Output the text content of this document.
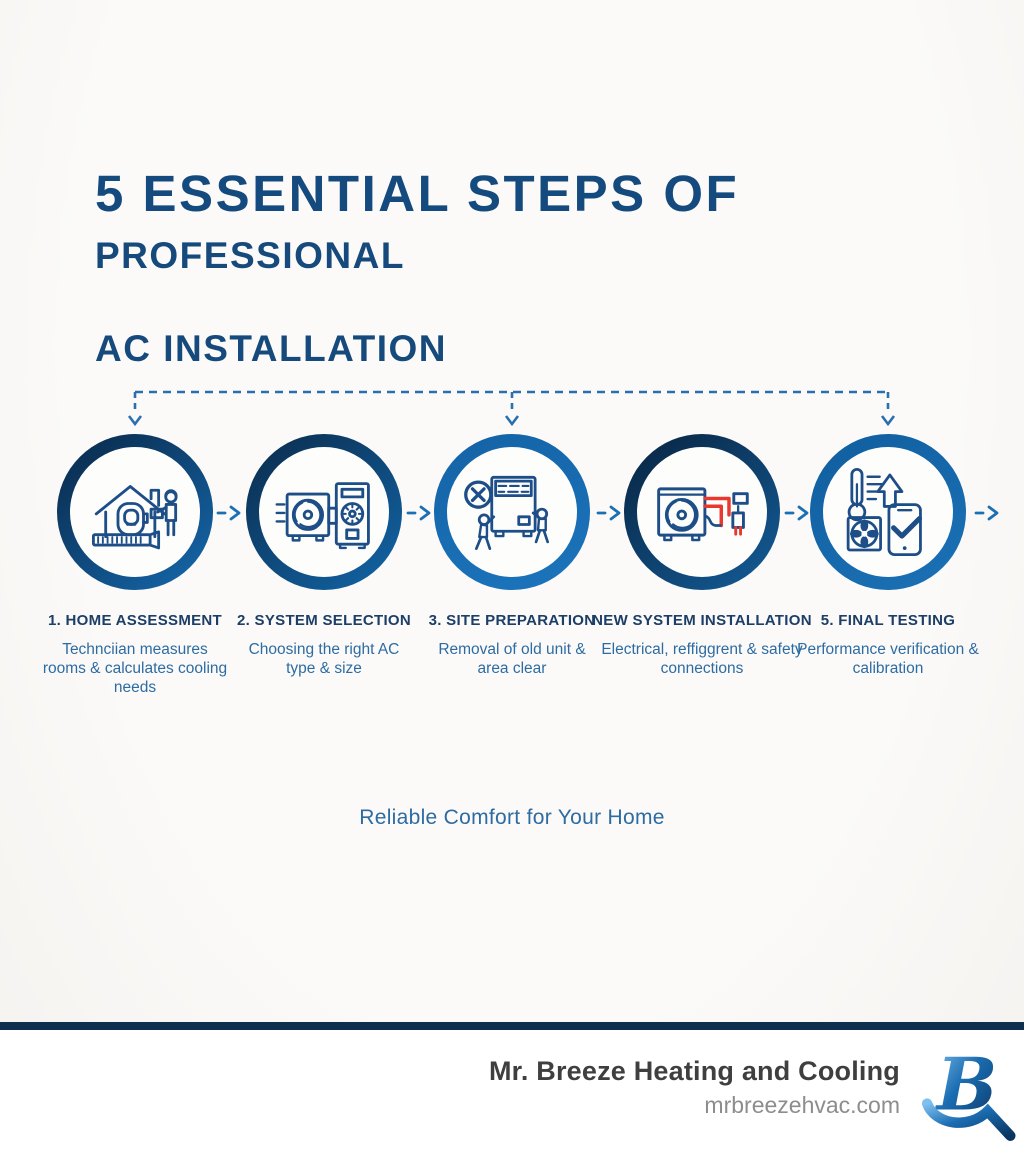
5 ESSENTIAL STEPS OF
PROFESSIONAL

AC INSTALLATION
1. HOME ASSESSMENT
Technciian measures rooms & calculates cooling needs
2. SYSTEM SELECTION
Choosing the right AC type & size
3. SITE PREPARATION
Removal of old unit & area clear
NEW SYSTEM INSTALLATION
Electrical, reffiggrent & safety connections
5. FINAL TESTING
Performance verification & calibration
Reliable Comfort for Your Home
Mr. Breeze Heating and Cooling
mrbreezehvac.com B
